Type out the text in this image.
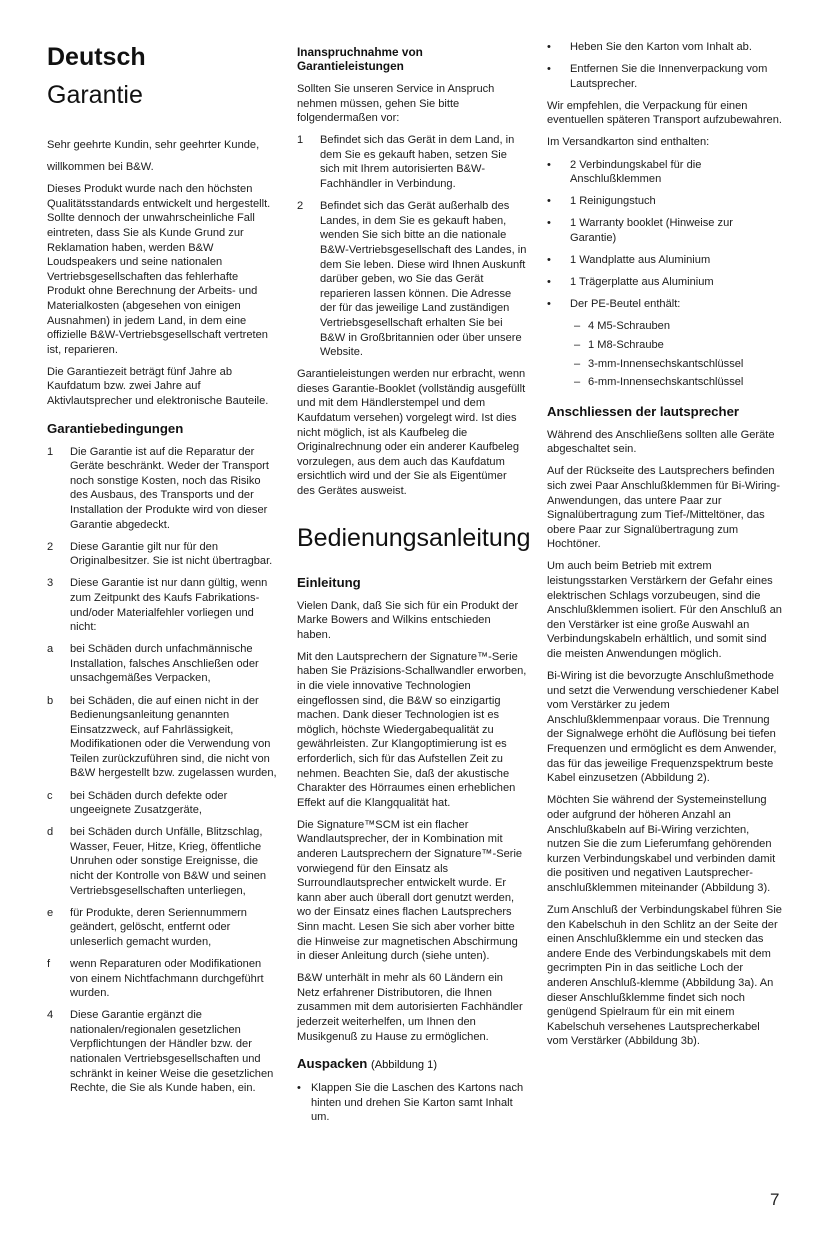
Deutsch
Garantie

Sehr geehrte Kundin, sehr geehrter Kunde,

willkommen bei B&W.

Dieses Produkt wurde nach den höchsten Qualitätsstandards entwickelt und hergestellt. Sollte dennoch der unwahrscheinliche Fall eintreten, dass Sie als Kunde Grund zur Reklamation haben, werden B&W Loudspeakers und seine nationalen Vertriebsgesellschaften das fehlerhafte Produkt ohne Berechnung der Arbeits- und Materialkosten (abgesehen von einigen Ausnahmen) in jedem Land, in dem eine offizielle B&W-Vertriebsgesellschaft vertreten ist, reparieren.

Die Garantiezeit beträgt fünf Jahre ab Kaufdatum bzw. zwei Jahre auf Aktivlautsprecher und elektronische Bauteile.

Garantiebedingungen
1	Die Garantie ist auf die Reparatur der Geräte beschränkt. Weder der Transport noch sonstige Kosten, noch das Risiko des Ausbaus, des Transports und der Installation der Produkte wird von dieser Garantie abgedeckt.
2	Diese Garantie gilt nur für den Originalbesitzer. Sie ist nicht übertragbar.
3	Diese Garantie ist nur dann gültig, wenn zum Zeitpunkt des Kaufs Fabrikations- und/oder Materialfehler vorliegen und nicht:
a	bei Schäden durch unfachmännische Installation, falsches Anschließen oder unsachgemäßes Verpacken,
b	bei Schäden, die auf einen nicht in der Bedienungsanleitung genannten Einsatzzweck, auf Fahrlässigkeit, Modifikationen oder die Verwendung von Teilen zurückzuführen sind, die nicht von B&W hergestellt bzw. zugelassen wurden,
c	bei Schäden durch defekte oder ungeeignete Zusatzgeräte,
d	bei Schäden durch Unfälle, Blitzschlag, Wasser, Feuer, Hitze, Krieg, öffentliche Unruhen oder sonstige Ereignisse, die nicht der Kontrolle von B&W und seinen Vertriebsgesellschaften unterliegen,
e	für Produkte, deren Seriennummern geändert, gelöscht, entfernt oder unleserlich gemacht wurden,
f	wenn Reparaturen oder Modifikationen von einem Nichtfachmann durchgeführt wurden.
4	Diese Garantie ergänzt die nationalen/regionalen gesetzlichen Verpflichtungen der Händler bzw. der nationalen Vertriebsgesellschaften und schränkt in keiner Weise die gesetzlichen Rechte, die Sie als Kunde haben, ein.
Inanspruchnahme von Garantieleistungen

Sollten Sie unseren Service in Anspruch nehmen müssen, gehen Sie bitte folgendermaßen vor:

1	Befindet sich das Gerät in dem Land, in dem Sie es gekauft haben, setzen Sie sich mit Ihrem autorisierten B&W-Fachhändler in Verbindung.
2	Befindet sich das Gerät außerhalb des Landes, in dem Sie es gekauft haben, wenden Sie sich bitte an die nationale B&W-Vertriebsgesellschaft des Landes, in dem Sie leben. Diese wird Ihnen Auskunft darüber geben, wo Sie das Gerät reparieren lassen können. Die Adresse der für das jeweilige Land zuständigen Vertriebsgesellschaft erhalten Sie bei B&W in Großbritannien oder über unsere Website.

Garantieleistungen werden nur erbracht, wenn dieses Garantie-Booklet (vollständig ausgefüllt und mit dem Händlerstempel und dem Kaufdatum versehen) vorgelegt wird. Ist dies nicht möglich, ist als Kaufbeleg die Originalrechnung oder ein anderer Kaufbeleg vorzulegen, aus dem auch das Kaufdatum ersichtlich wird und der Sie als Eigentümer des Gerätes ausweist.

Bedienungsanleitung
Einleitung

Vielen Dank, daß Sie sich für ein Produkt der Marke Bowers and Wilkins entschieden haben.

Mit den Lautsprechern der Signature™-Serie haben Sie Präzisions-Schallwandler erworben, in die viele innovative Technologien eingeflossen sind, die B&W so einzigartig machen. Dank dieser Technologien ist es möglich, höchste Wiedergabequalität zu gewährleisten. Zur Klangoptimierung ist es erforderlich, sich für das Aufstellen Zeit zu nehmen. Beachten Sie, daß der akustische Charakter des Hörraumes einen erheblichen Effekt auf die Klangqualität hat.

Die Signature™SCM ist ein flacher Wandlautsprecher, der in Kombination mit anderen Lautsprechern der Signature™-Serie vorwiegend für den Einsatz als Surroundlautsprecher entwickelt wurde. Er kann aber auch überall dort genutzt werden, wo der Einsatz eines flachen Lautsprechers Sinn macht. Lesen Sie sich aber vorher bitte die Hinweise zur magnetischen Abschirmung in dieser Anleitung durch (siehe unten).

B&W unterhält in mehr als 60 Ländern ein Netz erfahrener Distributoren, die Ihnen zusammen mit dem autorisierten Fachhändler jederzeit weiterhelfen, um Ihnen den Musikgenuß zu Hause zu ermöglichen.

Auspacken (Abbildung 1)
• Klappen Sie die Laschen des Kartons nach hinten und drehen Sie Karton samt Inhalt um.
•	Heben Sie den Karton vom Inhalt ab.
•	Entfernen Sie die Innenverpackung vom Lautsprecher.

Wir empfehlen, die Verpackung für einen eventuellen späteren Transport aufzubewahren.

Im Versandkarton sind enthalten:

•	2 Verbindungskabel für die Anschlußklemmen
•	1 Reinigungstuch
•	1 Warranty booklet (Hinweise zur Garantie)
•	1 Wandplatte aus Aluminium
•	1 Trägerplatte aus Aluminium
•	Der PE-Beutel enthält:
– 4 M5-Schrauben
– 1 M8-Schraube
– 3-mm-Innensechskantschlüssel
– 6-mm-Innensechskantschlüssel
Anschliessen der lautsprecher

Während des Anschließens sollten alle Geräte abgeschaltet sein.

Auf der Rückseite des Lautsprechers befinden sich zwei Paar Anschlußklemmen für Bi-Wiring-Anwendungen, das untere Paar zur Signalübertragung zum Tief-/Mitteltöner, das obere Paar zur Signalübertragung zum Hochtöner.

Um auch beim Betrieb mit extrem leistungsstarken Verstärkern der Gefahr eines elektrischen Schlags vorzubeugen, sind die Anschlußklemmen isoliert. Für den Anschluß an den Verstärker ist eine große Auswahl an Verbindungskabeln erhältlich, und somit sind die meisten Anwendungen möglich.

Bi-Wiring ist die bevorzugte Anschlußmethode und setzt die Verwendung verschiedener Kabel vom Verstärker zu jedem Anschlußklemmenpaar voraus. Die Trennung der Signalwege erhöht die Auflösung bei tiefen Frequenzen und ermöglicht es dem Anwender, das für das jeweilige Frequenzspektrum beste Kabel einzusetzen (Abbildung 2).

Möchten Sie während der Systemeinstellung oder aufgrund der höheren Anzahl an Anschlußkabeln auf Bi-Wiring verzichten, nutzen Sie die zum Lieferumfang gehörenden kurzen Verbindungskabel und verbinden damit die positiven und negativen Lautsprecher-anschlußklemmen miteinander (Abbildung 3).

Zum Anschluß der Verbindungskabel führen Sie den Kabelschuh in den Schlitz an der Seite der einen Anschlußklemme ein und stecken das andere Ende des Verbindungskabels mit dem gecrimpten Pin in das seitliche Loch der anderen Anschluß-klemme (Abbildung 3a). An dieser Anschlußklemme findet sich noch genügend Spielraum für ein mit einem Kabelschuh versehenes Lautsprecherkabel vom Verstärker (Abbildung 3b).

7
